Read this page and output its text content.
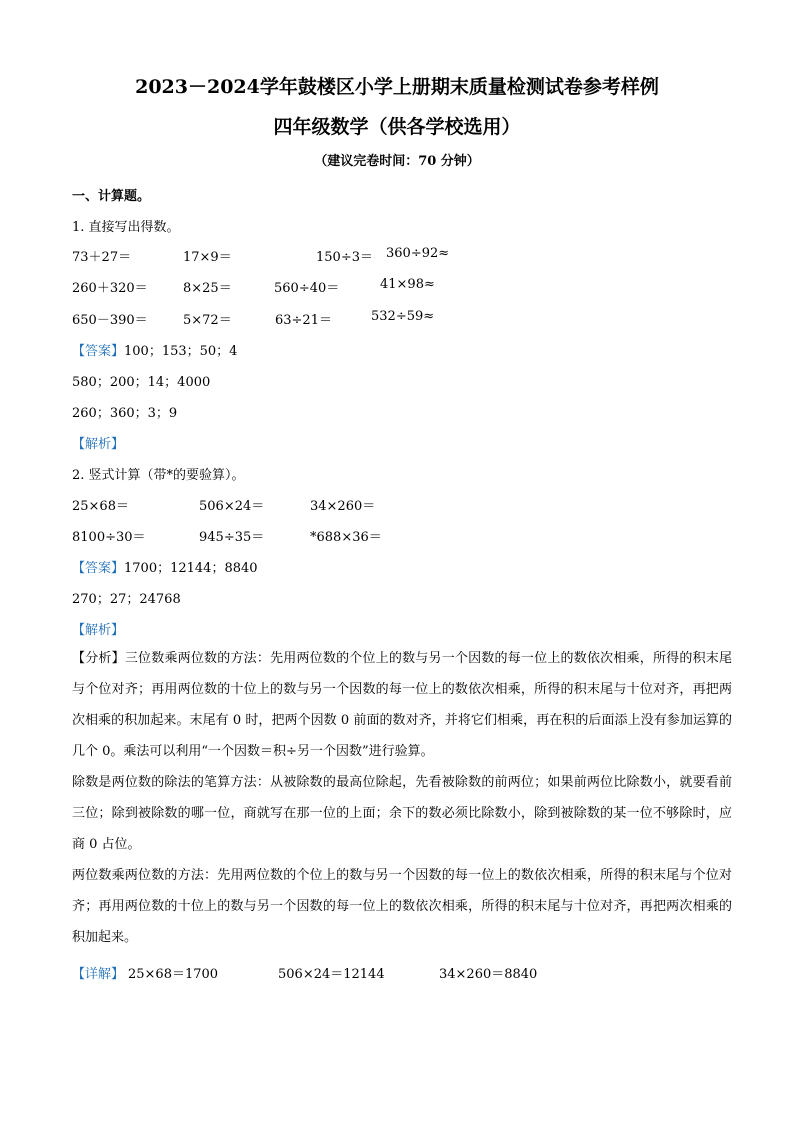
2023－2024学年鼓楼区小学上册期末质量检测试卷参考样例
四年级数学（供各学校选用）
（建议完卷时间：70 分钟）
一、计算题。
1. 直接写出得数。
73＋27＝	17×9＝	150÷3＝ 360÷92≈
260＋320＝	8×25＝	560÷40＝	41×98≈
650－390＝	5×72＝	63÷21＝	532÷59≈
【答案】100；153；50；4
580；200；14；4000
260；360；3；9
【解析】
2. 竖式计算（带*的要验算）。
25×68＝	506×24＝	34×260＝
8100÷30＝	945÷35＝	*688×36＝
【答案】1700；12144；8840
270；27；24768
【解析】
【分析】三位数乘两位数的方法：先用两位数的个位上的数与另一个因数的每一位上的数依次相乘，所得的积末尾与个位对齐；再用两位数的十位上的数与另一个因数的每一位上的数依次相乘，所得的积末尾与十位对齐，再把两次相乘的积加起来。末尾有 0 时，把两个因数 0 前面的数对齐，并将它们相乘，再在积的后面添上没有参加运算的几个 0。乘法可以利用“一个因数＝积÷另一个因数”进行验算。
除数是两位数的除法的笔算方法：从被除数的最高位除起，先看被除数的前两位；如果前两位比除数小，就要看前三位；除到被除数的哪一位，商就写在那一位的上面；余下的数必须比除数小，除到被除数的某一位不够除时，应商 0 占位。
两位数乘两位数的方法：先用两位数的个位上的数与另一个因数的每一位上的数依次相乘，所得的积末尾与个位对齐；再用两位数的十位上的数与另一个因数的每一位上的数依次相乘，所得的积末尾与十位对齐，再把两次相乘的积加起来。
【详解】 25×68＝1700	506×24＝12144	34×260＝8840
